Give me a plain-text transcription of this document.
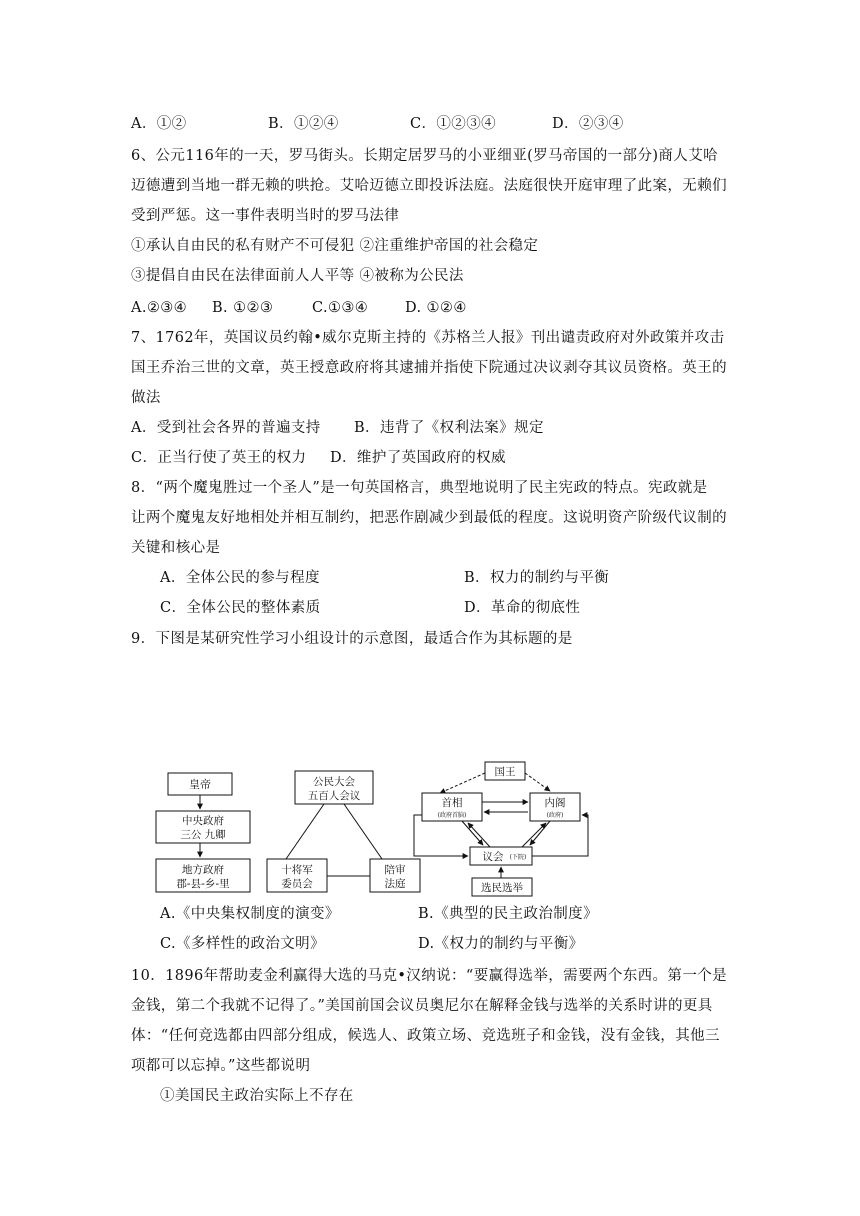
A．①②	B．①②④	C．①②③④	D．②③④
6、公元116年的一天，罗马街头。长期定居罗马的小亚细亚(罗马帝国的一部分)商人艾哈
迈德遭到当地一群无赖的哄抢。艾哈迈德立即投诉法庭。法庭很快开庭审理了此案，无赖们
受到严惩。这一事件表明当时的罗马法律
①承认自由民的私有财产不可侵犯 ②注重维护帝国的社会稳定
③提倡自由民在法律面前人人平等 ④被称为公民法
A.②③④ B. ①②③	C.①③④	D. ①②④
7、1762年，英国议员约翰•威尔克斯主持的《苏格兰人报》刊出谴责政府对外政策并攻击
国王乔治三世的文章，英王授意政府将其逮捕并指使下院通过决议剥夺其议员资格。英王的
做法
A．受到社会各界的普遍支持 B．违背了《权利法案》规定
C．正当行使了英王的权力 D．维护了英国政府的权威
8．“两个魔鬼胜过一个圣人”是一句英国格言，典型地说明了民主宪政的特点。宪政就是
让两个魔鬼友好地相处并相互制约，把恶作剧减少到最低的程度。这说明资产阶级代议制的
关键和核心是
A．全体公民的参与程度	B．权力的制约与平衡
C．全体公民的整体素质	D．革命的彻底性
9．下图是某研究性学习小组设计的示意图，最适合作为其标题的是
皇帝
中央政府
三公 九卿
地方政府
郡-县-乡-里
公民大会
五百人会议
十将军
委员会
陪审
法庭
国王
首相
(政府首脑)
内阁
(政府)
议会 (下院)
选民选举
A.《中央集权制度的演变》	B.《典型的民主政治制度》
C.《多样性的政治文明》	D.《权力的制约与平衡》
10．1896年帮助麦金利赢得大选的马克•汉纳说：“要赢得选举，需要两个东西。第一个是
金钱，第二个我就不记得了。”美国前国会议员奥尼尔在解释金钱与选举的关系时讲的更具
体：“任何竞选都由四部分组成，候选人、政策立场、竞选班子和金钱，没有金钱，其他三
项都可以忘掉。”这些都说明
①美国民主政治实际上不存在
